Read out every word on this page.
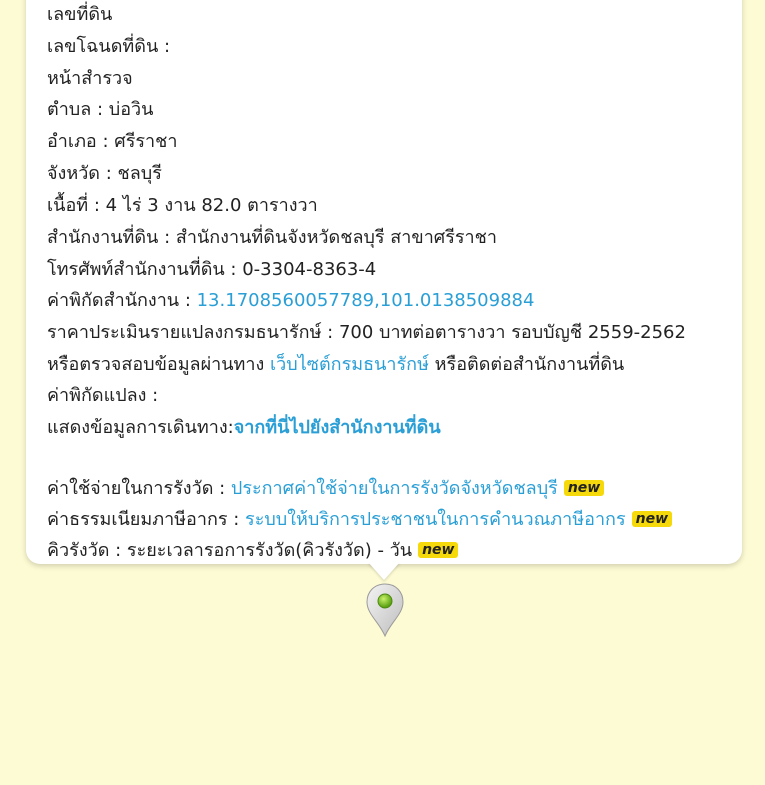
เลขที่ดิน
เลขโฉนดที่ดิน :
หน้าสำรวจ
ตำบล : บ่อวิน
อำเภอ : ศรีราชา
จังหวัด : ชลบุรี
เนื้อที่ : 4 ไร่ 3 งาน 82.0 ตารางวา
สำนักงานที่ดิน : สำนักงานที่ดินจังหวัดชลบุรี สาขาศรีราชา
โทรศัพท์สำนักงานที่ดิน : 0-3304-8363-4
ค่าพิกัดสำนักงาน : 13.1708560057789,101.0138509884
ราคาประเมินรายแปลงกรมธนารักษ์ : 700 บาทต่อตารางวา รอบบัญชี 2559-2562
หรือตรวจสอบข้อมูลผ่านทาง เว็บไซต์กรมธนารักษ์ หรือติดต่อสำนักงานที่ดิน
ค่าพิกัดแปลง :
แสดงข้อมูลการเดินทาง:จากที่นี่ไปยังสำนักงานที่ดิน
ค่าใช้จ่ายในการรังวัด : ประกาศค่าใช้จ่ายในการรังวัดจังหวัดชลบุรี new
ค่าธรรมเนียมภาษีอากร : ระบบให้บริการประชาชนในการคำนวณภาษีอากร new
คิวรังวัด : ระยะเวลารอการรังวัด(คิวรังวัด) - วัน new
